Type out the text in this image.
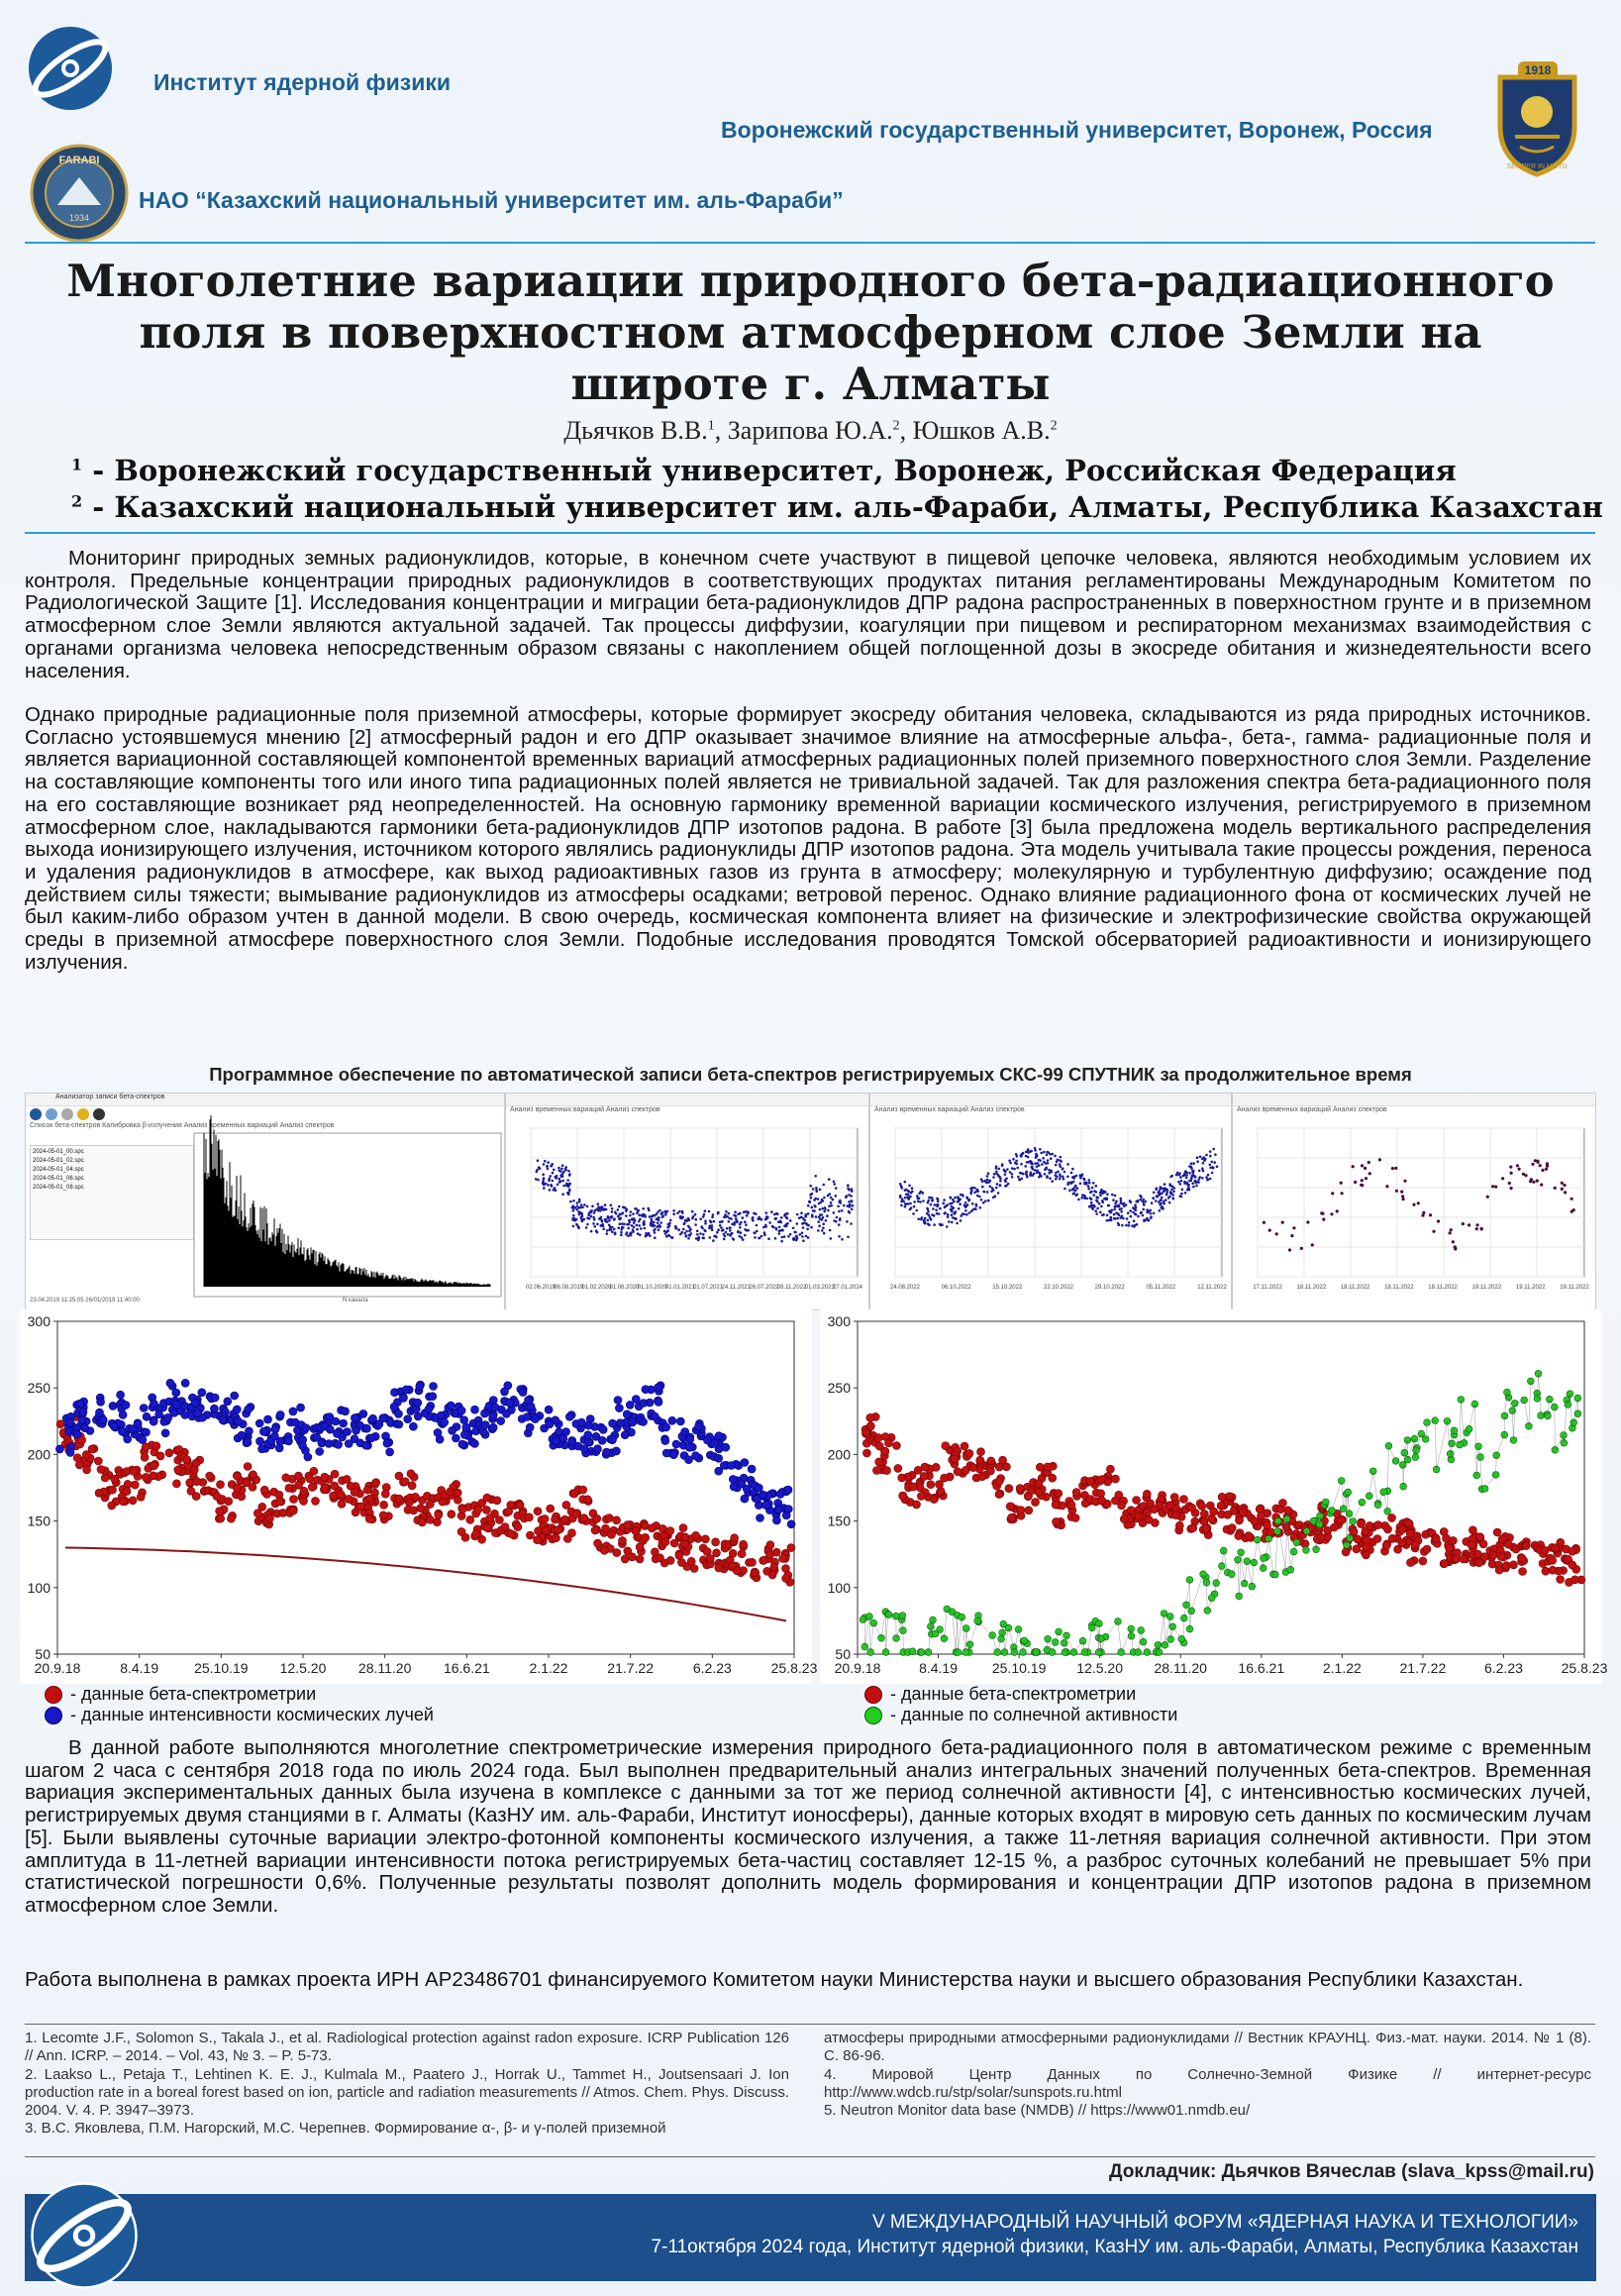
Институт ядерной физики
Воронежский государственный университет, Воронеж, Россия
1918
SEMPER IN MOTU
FARABI
1934
НАО “Казахский национальный университет им. аль-Фараби”
Многолетние вариации природного бета-радиационного
поля в поверхностном атмосферном слое Земли на
широте г. Алматы
Дьячков В.В.$^1$, Зарипова Ю.А.$^2$, Юшков А.В.$^2$
$^1$ - Воронежский государственный университет, Воронеж, Российская Федерация
$^2$ - Казахский национальный университет им. аль-Фараби, Алматы, Республика Казахстан
Мониторинг природных земных радионуклидов, которые, в конечном счете участвуют в пищевой цепочке человека, являются необходимым условием их контроля. Предельные концентрации природных радионуклидов в соответствующих продуктах питания регламентированы Международным Комитетом по Радиологической Защите [1]. Исследования концентрации и миграции бета-радионуклидов ДПР радона распространенных в поверхностном грунте и в приземном атмосферном слое Земли являются актуальной задачей. Так процессы диффузии, коагуляции при пищевом и респираторном механизмах взаимодействия с органами организма человека непосредственным образом связаны с накоплением общей поглощенной дозы в экосреде обитания и жизнедеятельности всего населения.
Однако природные радиационные поля приземной атмосферы, которые формирует экосреду обитания человека, складываются из ряда природных источников. Согласно устоявшемуся мнению [2] атмосферный радон и его ДПР оказывает значимое влияние на атмосферные альфа-, бета-, гамма- радиационные поля и является вариационной составляющей компонентой временных вариаций атмосферных радиационных полей приземного поверхностного слоя Земли. Разделение на составляющие компоненты того или иного типа радиационных полей является не тривиальной задачей. Так для разложения спектра бета-радиационного поля на его составляющие возникает ряд неопределенностей. На основную гармонику временной вариации космического излучения, регистрируемого в приземном атмосферном слое, накладываются гармоники бета-радионуклидов ДПР изотопов радона. В работе [3] была предложена модель вертикального распределения выхода ионизирующего излучения, источником которого являлись радионуклиды ДПР изотопов радона. Эта модель учитывала такие процессы рождения, переноса и удаления радионуклидов в атмосфере, как выход радиоактивных газов из грунта в атмосферу; молекулярную и турбулентную диффузию; осаждение под действием силы тяжести; вымывание радионуклидов из атмосферы осадками; ветровой перенос. Однако влияние радиационного фона от космических лучей не был каким-либо образом учтен в данной модели. В свою очередь, космическая компонента влияет на физические и электрофизические свойства окружающей среды в приземной атмосфере поверхностного слоя Земли. Подобные исследования проводятся Томской обсерваторией радиоактивности и ионизирующего излучения.
Программное обеспечение по автоматической записи бета-спектров регистрируемых СКС-99 СПУТНИК за продолжительное время
Анализатор записи бета-спектров
Список бета-спектров Калибровка β-излучения Анализ временных вариаций Анализ спектров
2024-05-01_00.spc
2024-05-01_02.spc
2024-05-01_04.spc
2024-05-01_06.spc
2024-05-01_08.spc
N канала
23.04.2019 11:25:05 26/01/2019 11:40:00
Анализ временных вариаций Анализ спектров
02.06.2019
06.08.2019
01.02.2020
01.06.2020
01.10.2020
01.01.2021
01.07.2021
24.11.2021
26.07.2022
08.11.2022
01.03.2023
27.01.2024
Анализ временных вариаций Анализ спектров
24.08.2022	06.10.2022	15.10.2022	22.10.2022	29.10.2022	05.11.2022	12.11.2022
Анализ временных вариаций Анализ спектров
17.11.2022 18.11.2022 18.11.2022 18.11.2022 18.11.2022 19.11.2022 19.11.2022 19.11.2022
50
100
150
200
250
300
20.9.18	8.4.19	25.10.19 12.5.20 28.11.20 16.6.21	2.1.22	21.7.22	6.2.23	25.8.23
50
100
150
200
250
300
20.9.18	8.4.19 25.10.19 12.5.20 28.11.20 16.6.21	2.1.22	21.7.22	6.2.23	25.8.23
- данные бета-спектрометрии
- данные интенсивности космических лучей
- данные бета-спектрометрии
- данные по солнечной активности
В данной работе выполняются многолетние спектрометрические измерения природного бета-радиационного поля в автоматическом режиме с временным шагом 2 часа с сентября 2018 года по июль 2024 года. Был выполнен предварительный анализ интегральных значений полученных бета-спектров. Временная вариация экспериментальных данных была изучена в комплексе с данными за тот же период солнечной активности [4], с интенсивностью космических лучей, регистрируемых двумя станциями в г. Алматы (КазНУ им. аль-Фараби, Институт ионосферы), данные которых входят в мировую сеть данных по космическим лучам [5]. Были выявлены суточные вариации электро-фотонной компоненты космического излучения, а также 11-летняя вариация солнечной активности. При этом амплитуда в 11-летней вариации интенсивности потока регистрируемых бета-частиц составляет 12-15 %, а разброс суточных колебаний не превышает 5% при статистической погрешности 0,6%. Полученные результаты позволят дополнить модель формирования и концентрации ДПР изотопов радона в приземном атмосферном слое Земли.
Работа выполнена в рамках проекта ИРН АР23486701 финансируемого Комитетом науки Министерства науки и высшего образования Республики Казахстан.
1. Lecomte J.F., Solomon S., Takala J., et al. Radiological protection against radon exposure. ICRP Publication 126 // Ann. ICRP. – 2014. – Vol. 43, № 3. – P. 5-73.
2. Laakso L., Petaja T., Lehtinen K. E. J., Kulmala M., Paatero J., Horrak U., Tammet H., Joutsensaari J. Ion production rate in a boreal forest based on ion, particle and radiation measurements // Atmos. Chem. Phys. Discuss. 2004. V. 4. P. 3947–3973.
3. В.С. Яковлева, П.М. Нагорский, М.С. Черепнев. Формирование α-, β- и γ-полей приземной
атмосферы природными атмосферными радионуклидами // Вестник КРАУНЦ. Физ.-мат. науки. 2014. № 1 (8). С. 86-96.
4. Мировой Центр Данных по Солнечно-Земной Физике // интернет-ресурс http://www.wdcb.ru/stp/solar/sunspots.ru.html
5. Neutron Monitor data base (NMDB) // https://www01.nmdb.eu/
Докладчик: Дьячков Вячеслав (slava_kpss@mail.ru)
V МЕЖДУНАРОДНЫЙ НАУЧНЫЙ ФОРУМ «ЯДЕРНАЯ НАУКА И ТЕХНОЛОГИИ»
7-11октября 2024 года, Институт ядерной физики, КазНУ им. аль-Фараби, Алматы, Республика Казахстан
